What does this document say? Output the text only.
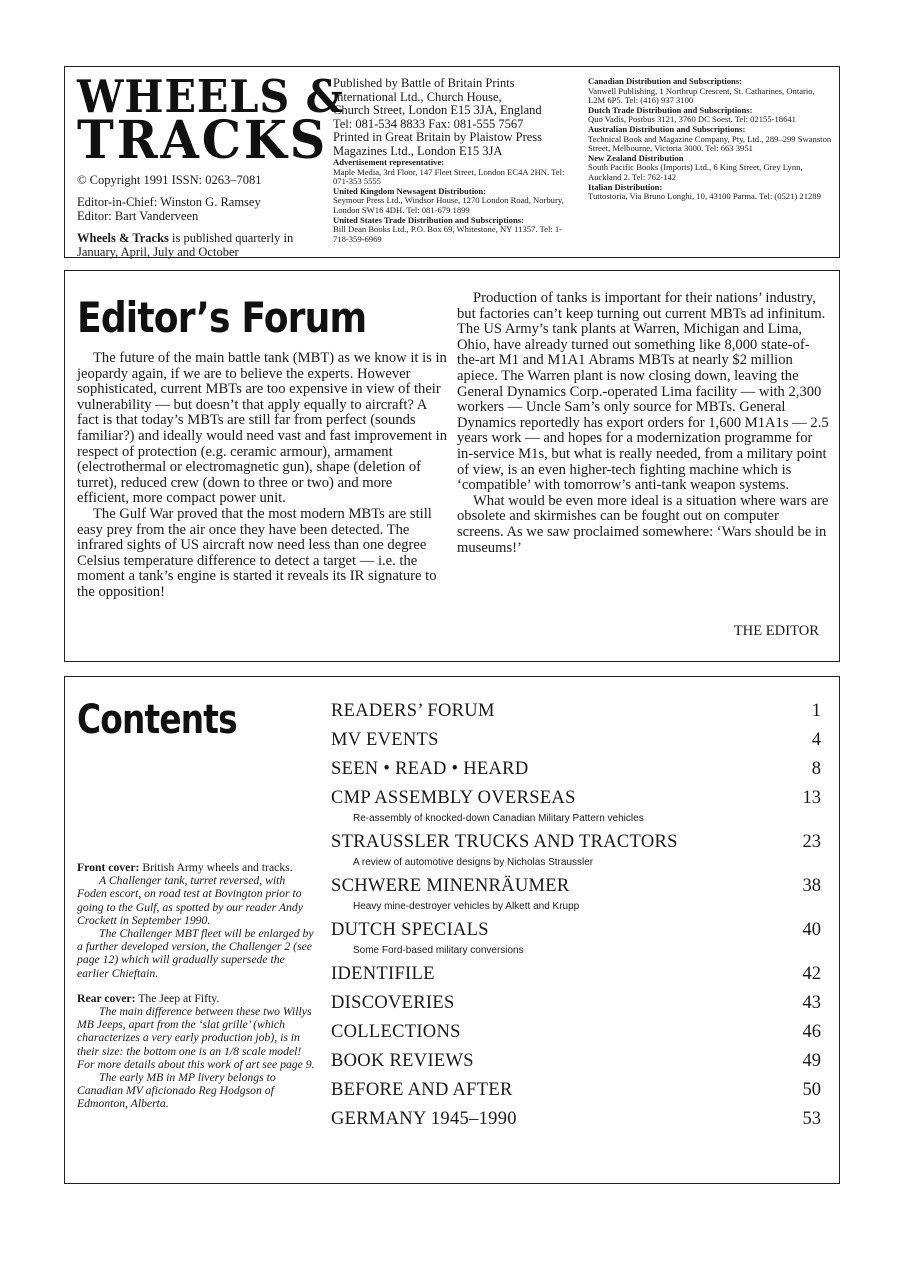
WHEELS &
TRACKS

© Copyright 1991 ISSN: 0263–7081

Editor-in-Chief: Winston G. Ramsey

Editor: Bart Vanderveen

Wheels & Tracks is published quarterly in January, April, July and October
Published by Battle of Britain Prints
International Ltd., Church House,
Church Street, London E15 3JA, England
Tel: 081-534 8833 Fax: 081-555 7567
Printed in Great Britain by Plaistow Press
Magazines Ltd., London E15 3JA
Advertisement representative:
Maple Media, 3rd Floor, 147 Fleet Street, London EC4A 2HN. Tel: 071-353 5555
United Kingdom Newsagent Distribution:
Seymour Press Ltd., Windsor House, 1270 London Road, Norbury, London SW16 4DH. Tel: 081-679 1899
United States Trade Distribution and Subscriptions:
Bill Dean Books Ltd., P.O. Box 69, Whitestone, NY 11357. Tel: 1-718-359-6969
Canadian Distribution and Subscriptions:
Vanwell Publishing, 1 Northrup Crescent, St. Catharines, Ontario, L2M 6P5. Tel: (416) 937 3100
Dutch Trade Distribution and Subscriptions:
Quo Vadis, Postbus 3121, 3760 DC Soest. Tel: 02155-18641
Australian Distribution and Subscriptions:
Technical Book and Magazine Company, Pty, Ltd., 289–299 Swanston Street, Melbourne, Victoria 3000. Tel: 663 3951
New Zealand Distribution
South Pacific Books (Imports) Ltd., 6 King Street, Grey Lynn, Auckland 2. Tel: 762-142
Italian Distribution:
Tuttostoria, Via Bruno Longhi, 10, 43100 Parma. Tel: (0521) 21289
Editor’s Forum

The future of the main battle tank (MBT) as we know it is in jeopardy again, if we are to believe the experts. However sophisticated, current MBTs are too expensive in view of their vulnerability — but doesn’t that apply equally to aircraft? A fact is that today’s MBTs are still far from perfect (sounds familiar?) and ideally would need vast and fast improvement in respect of protection (e.g. ceramic armour), armament (electrothermal or electromagnetic gun), shape (deletion of turret), reduced crew (down to three or two) and more efficient, more compact power unit.

The Gulf War proved that the most modern MBTs are still easy prey from the air once they have been detected. The infrared sights of US aircraft now need less than one degree Celsius temperature difference to detect a target — i.e. the moment a tank’s engine is started it reveals its IR signature to the opposition!

Production of tanks is important for their nations’ industry, but factories can’t keep turning out current MBTs ad infinitum. The US Army’s tank plants at Warren, Michigan and Lima, Ohio, have already turned out something like 8,000 state-of-the-art M1 and M1A1 Abrams MBTs at nearly $2 million apiece. The Warren plant is now closing down, leaving the General Dynamics Corp.-operated Lima facility — with 2,300 workers — Uncle Sam’s only source for MBTs. General Dynamics reportedly has export orders for 1,600 M1A1s — 2.5 years work — and hopes for a modernization programme for in-service M1s, but what is really needed, from a military point of view, is an even higher-tech fighting machine which is ‘compatible’ with tomorrow’s anti-tank weapon systems.

What would be even more ideal is a situation where wars are obsolete and skirmishes can be fought out on computer screens. As we saw proclaimed somewhere: ‘Wars should be in museums!’

THE EDITOR
Contents
Front cover: British Army wheels and tracks.
A Challenger tank, turret reversed, with Foden escort, on road test at Bovington prior to going to the Gulf, as spotted by our reader Andy Crockett in September 1990.
The Challenger MBT fleet will be enlarged by a further developed version, the Challenger 2 (see page 12) which will gradually supersede the earlier Chieftain.
Rear cover: The Jeep at Fifty.
The main difference between these two Willys MB Jeeps, apart from the ‘slat grille’ (which characterizes a very early production job), is in their size: the bottom one is an 1/8 scale model! For more details about this work of art see page 9.
The early MB in MP livery belongs to Canadian MV aficionado Reg Hodgson of Edmonton, Alberta.
READERS’ FORUM	1
MV EVENTS	4
SEEN • READ • HEARD	8
CMP ASSEMBLY OVERSEAS	13
Re-assembly of knocked-down Canadian Military Pattern vehicles
STRAUSSLER TRUCKS AND TRACTORS	23
A review of automotive designs by Nicholas Straussler
SCHWERE MINENRÄUMER	38
Heavy mine-destroyer vehicles by Alkett and Krupp
DUTCH SPECIALS	40
Some Ford-based military conversions
IDENTIFILE	42
DISCOVERIES	43
COLLECTIONS	46
BOOK REVIEWS	49
BEFORE AND AFTER	50
GERMANY 1945–1990	53
